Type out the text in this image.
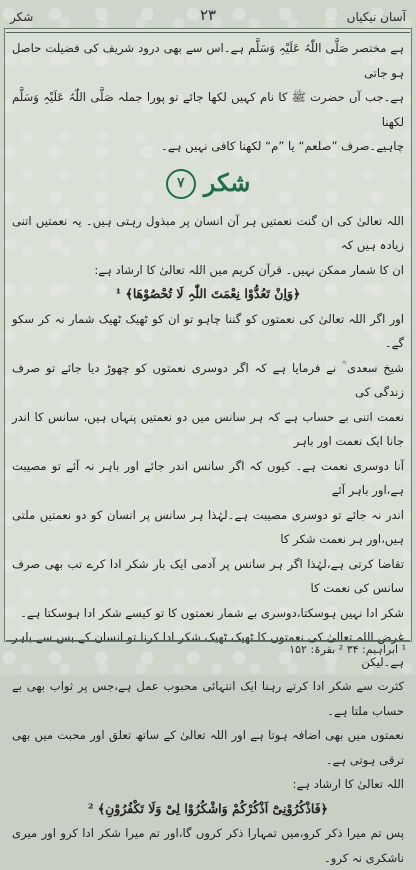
آسان نیکیاں
۲۳
شکر

ہے مختصر صَلَّی اللّٰہُ عَلَیْہِ وَسَلَّم ہے۔اس سے بھی درود شریف کی فضیلت حاصل ہو جاتی

ہے۔جب آں حضرت ﷺ کا نام کہیں لکھا جائے تو پورا جملہ صَلَّی اللّٰہُ عَلَیْہِ وَسَلَّم لکھنا

چاہیے۔صرف ”صلعم“ یا ”م“ لکھنا کافی نہیں ہے۔

شکر
۷

اللہ تعالیٰ کی ان گنت نعمتیں ہر آن انسان پر مبذول رہتی ہیں۔ یہ نعمتیں اتنی زیادہ ہیں کہ

ان کا شمار ممکن نہیں۔ قرآن کریم میں اللہ تعالیٰ کا ارشاد ہے:

﴿وَاِنْ تَعُدُّوْا نِعْمَتَ اللّٰہِ لَا تُحْصُوْھَا﴾ ¹

اور اگر اللہ تعالیٰ کی نعمتوں کو گننا چاہو تو ان کو ٹھیک ٹھیک شمار نہ کر سکو گے۔

شیخ سعدی ؒ نے فرمایا ہے کہ اگر دوسری نعمتوں کو چھوڑ دیا جائے تو صرف زندگی کی

نعمت اتنی بے حساب ہے کہ ہر سانس میں دو نعمتیں پنہاں ہیں، سانس کا اندر جانا ایک نعمت اور باہر

آنا دوسری نعمت ہے۔ کیوں کہ اگر سانس اندر جائے اور باہر نہ آئے تو مصیبت ہے،اور باہر آئے

اندر نہ جائے تو دوسری مصیبت ہے۔لہٰذا ہر سانس پر انسان کو دو نعمتیں ملتی ہیں،اور ہر نعمت شکر کا

تقاضا کرتی ہے،لہٰذا اگر ہر سانس پر آدمی ایک بار شکر ادا کرے تب بھی صرف سانس کی نعمت کا

شکر ادا نہیں ہوسکتا،دوسری بے شمار نعمتوں کا تو کیسے شکر ادا ہوسکتا ہے۔

غرض اللہ تعالیٰ کی نعمتوں کا ٹھیک ٹھیک شکر ادا کرنا تو انسان کے بس سے باہر ہے۔لیکن

کثرت سے شکر ادا کرتے رہنا ایک انتہائی محبوب عمل ہے،جس پر ثواب بھی بے حساب ملتا ہے۔

نعمتوں میں بھی اضافہ ہوتا ہے اور اللہ تعالیٰ کے ساتھ تعلق اور محبت میں بھی ترقی ہوتی ہے۔

اللہ تعالیٰ کا ارشاد ہے:

﴿فَاذْکُرُوْنِیْٓ اَذْکُرْکُمْ وَاشْکُرُوْا لِیْ وَلَا تَکْفُرُوْنِ﴾ ²

پس تم میرا ذکر کرو،میں تمہارا ذکر کروں گا،اور تم میرا شکر ادا کرو اور میری ناشکری نہ کرو۔

¹ ابراہیم: ۳۴ ² بقرۃ: ۱۵۲
